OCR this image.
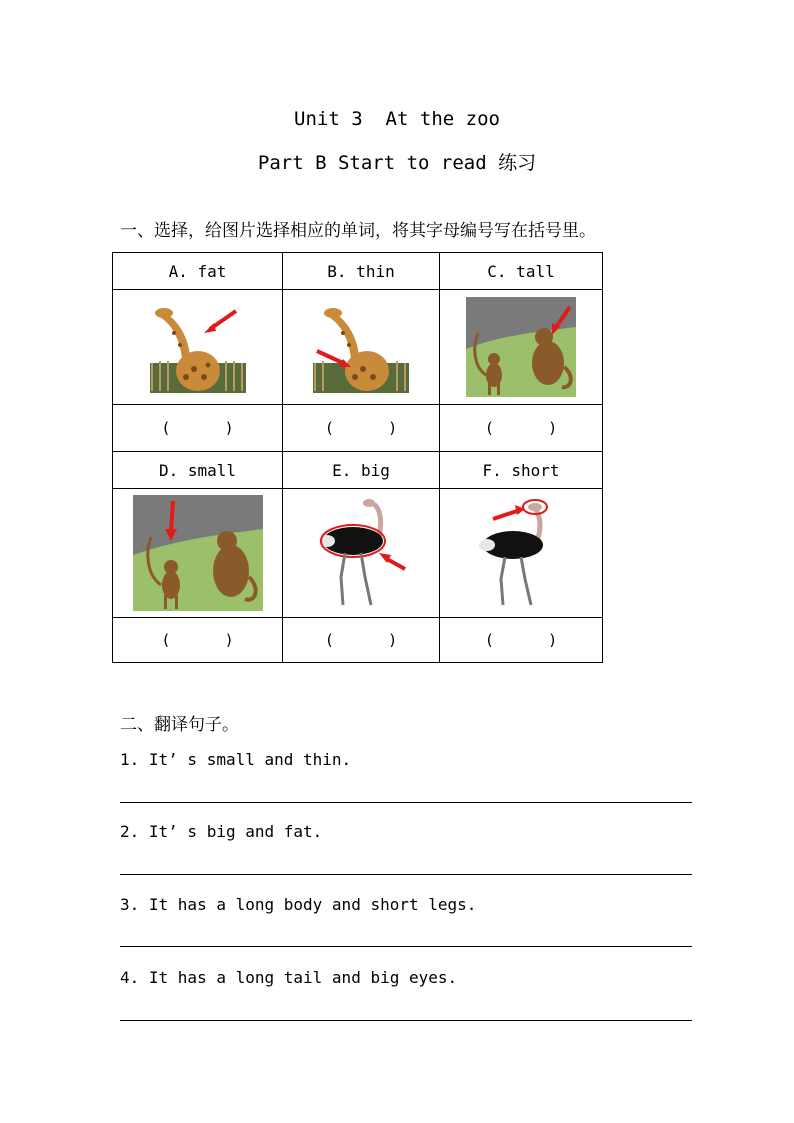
Unit 3  At the zoo
Part B Start to read 练习
一、选择，给图片选择相应的单词，将其字母编号写在括号里。
A. fat	B. thin	C. tall

(      )	(      )	(      )
D. small	E. big	F. short

(      )	(      )	(      )
二、翻译句子。
1. It’ s small and thin.
2. It’ s big and fat.
3. It has a long body and short legs.
4. It has a long tail and big eyes.
